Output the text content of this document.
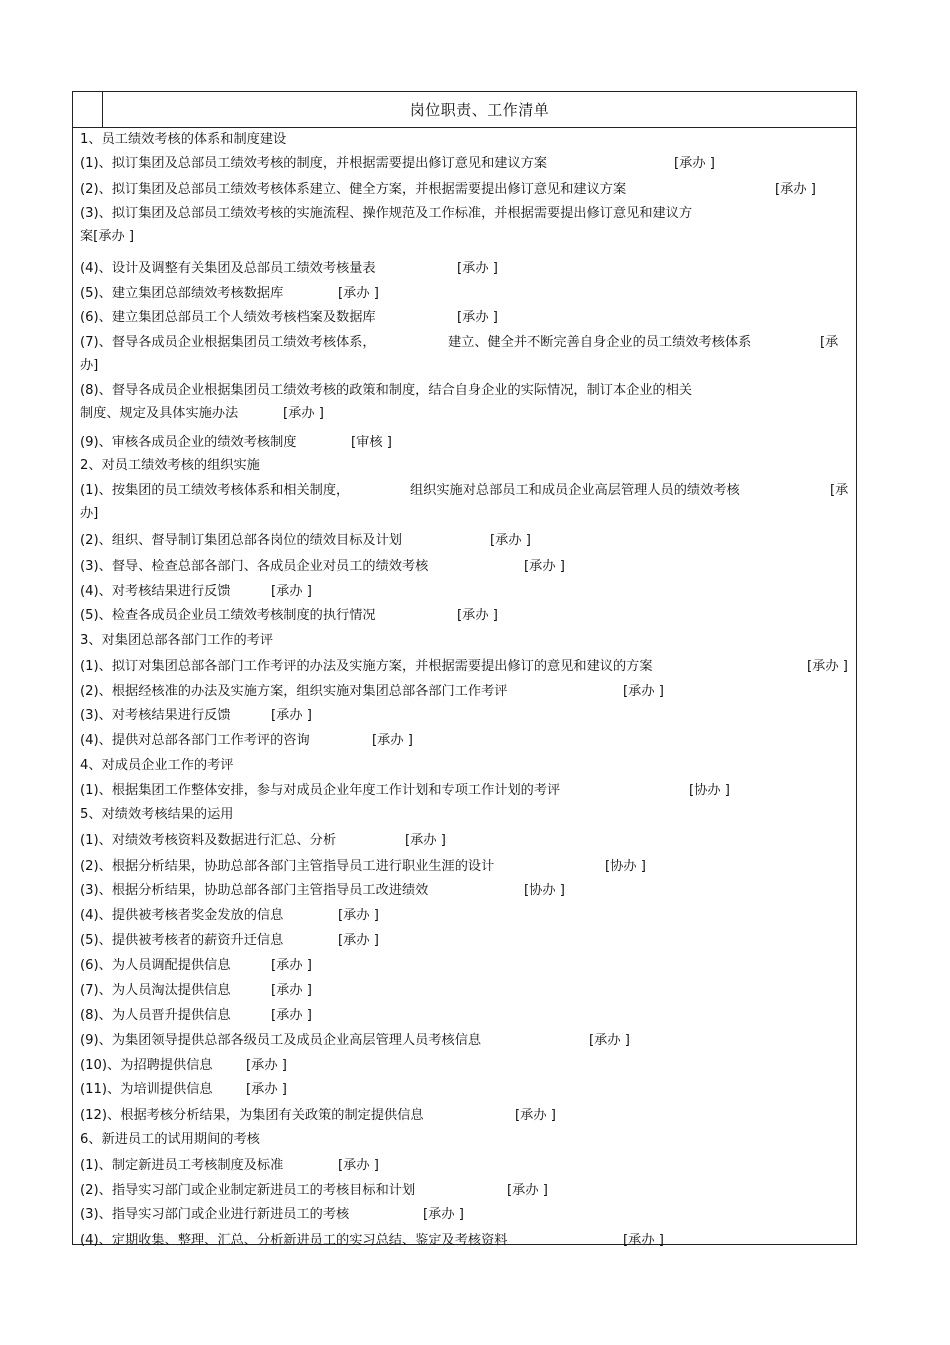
岗位职责、工作清单
1、员工绩效考核的体系和制度建设
(1)、拟订集团及总部员工绩效考核的制度，并根据需要提出修订意见和建议方案	[承办 ]
(2)、拟订集团及总部员工绩效考核体系建立、健全方案，并根据需要提出修订意见和建议方案	[承办 ]
(3)、拟订集团及总部员工绩效考核的实施流程、操作规范及工作标准，并根据需要提出修订意见和建议方
案[承办 ]
(4)、设计及调整有关集团及总部员工绩效考核量表	[承办 ]
(5)、建立集团总部绩效考核数据库	[承办 ]
(6)、建立集团总部员工个人绩效考核档案及数据库	[承办 ]
(7)、督导各成员企业根据集团员工绩效考核体系，	建立、健全并不断完善自身企业的员工绩效考核体系	[承
办]
(8)、督导各成员企业根据集团员工绩效考核的政策和制度，结合自身企业的实际情况，制订本企业的相关
制度、规定及具体实施办法	[承办 ]
(9)、审核各成员企业的绩效考核制度	[审核 ]
2、对员工绩效考核的组织实施
(1)、按集团的员工绩效考核体系和相关制度，	组织实施对总部员工和成员企业高层管理人员的绩效考核	[承
办]
(2)、组织、督导制订集团总部各岗位的绩效目标及计划	[承办 ]
(3)、督导、检查总部各部门、各成员企业对员工的绩效考核	[承办 ]
(4)、对考核结果进行反馈	[承办 ]
(5)、检查各成员企业员工绩效考核制度的执行情况	[承办 ]
3、对集团总部各部门工作的考评
(1)、拟订对集团总部各部门工作考评的办法及实施方案，并根据需要提出修订的意见和建议的方案	[承办 ]
(2)、根据经核准的办法及实施方案，组织实施对集团总部各部门工作考评	[承办 ]
(3)、对考核结果进行反馈	[承办 ]
(4)、提供对总部各部门工作考评的咨询	[承办 ]
4、对成员企业工作的考评
(1)、根据集团工作整体安排，参与对成员企业年度工作计划和专项工作计划的考评	[协办 ]
5、对绩效考核结果的运用
(1)、对绩效考核资料及数据进行汇总、分析	[承办 ]
(2)、根据分析结果，协助总部各部门主管指导员工进行职业生涯的设计	[协办 ]
(3)、根据分析结果，协助总部各部门主管指导员工改进绩效	[协办 ]
(4)、提供被考核者奖金发放的信息	[承办 ]
(5)、提供被考核者的薪资升迁信息	[承办 ]
(6)、为人员调配提供信息	[承办 ]
(7)、为人员淘汰提供信息	[承办 ]
(8)、为人员晋升提供信息	[承办 ]
(9)、为集团领导提供总部各级员工及成员企业高层管理人员考核信息	[承办 ]
(10)、为招聘提供信息	[承办 ]
(11)、为培训提供信息	[承办 ]
(12)、根据考核分析结果，为集团有关政策的制定提供信息	[承办 ]
6、新进员工的试用期间的考核
(1)、制定新进员工考核制度及标准	[承办 ]
(2)、指导实习部门或企业制定新进员工的考核目标和计划	[承办 ]
(3)、指导实习部门或企业进行新进员工的考核	[承办 ]
(4)、定期收集、整理、汇总、分析新进员工的实习总结、鉴定及考核资料	[承办 ]
